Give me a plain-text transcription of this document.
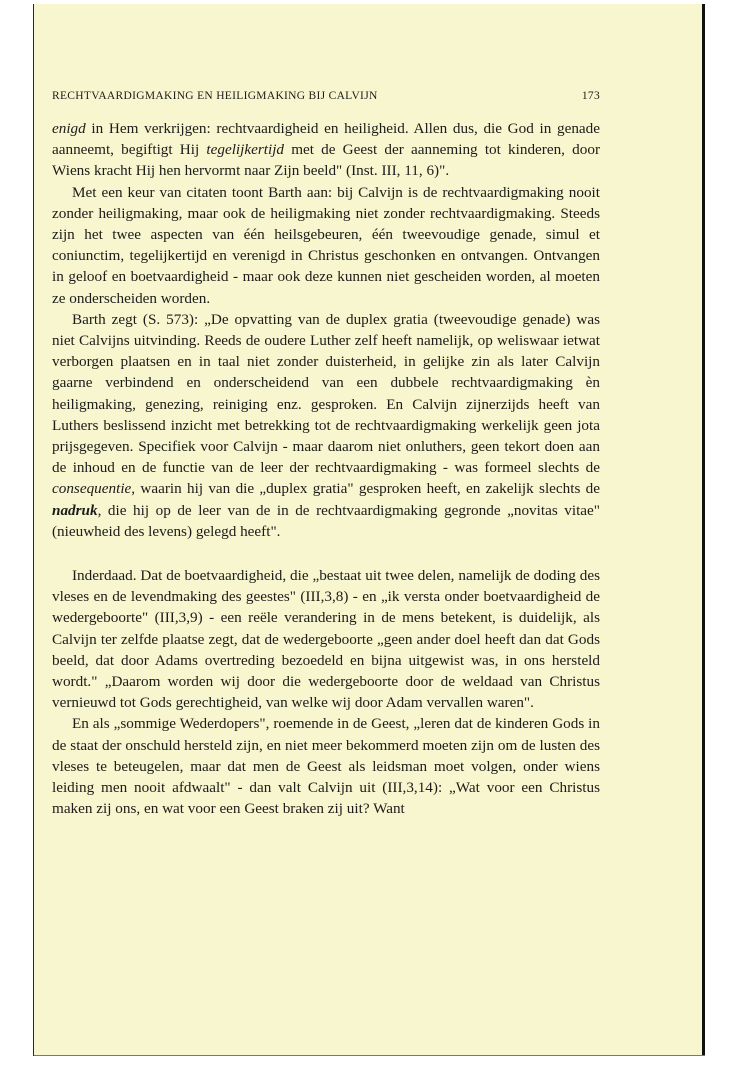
RECHTVAARDIGMAKING EN HEILIGMAKING BIJ CALVIJN	173

enigd in Hem verkrijgen: rechtvaardigheid en heiligheid. Allen dus, die God in genade aanneemt, begiftigt Hij tegelijkertijd met de Geest der aanneming tot kinderen, door Wiens kracht Hij hen hervormt naar Zijn beeld" (Inst. III, 11, 6)".

Met een keur van citaten toont Barth aan: bij Calvijn is de rechtvaardigmaking nooit zonder heiligmaking, maar ook de heiligmaking niet zonder rechtvaardigmaking. Steeds zijn het twee aspecten van één heilsgebeuren, één tweevoudige genade, simul et coniunctim, tegelijkertijd en verenigd in Christus geschonken en ontvangen. Ontvangen in geloof en boetvaardigheid - maar ook deze kunnen niet gescheiden worden, al moeten ze onderscheiden worden.

Barth zegt (S. 573): „De opvatting van de duplex gratia (tweevoudige genade) was niet Calvijns uitvinding. Reeds de oudere Luther zelf heeft namelijk, op weliswaar ietwat verborgen plaatsen en in taal niet zonder duisterheid, in gelijke zin als later Calvijn gaarne verbindend en onderscheidend van een dubbele rechtvaardigmaking èn heiligmaking, genezing, reiniging enz. gesproken. En Calvijn zijnerzijds heeft van Luthers beslissend inzicht met betrekking tot de rechtvaardigmaking werkelijk geen jota prijsgegeven. Specifiek voor Calvijn - maar daarom niet onluthers, geen tekort doen aan de inhoud en de functie van de leer der rechtvaardigmaking - was formeel slechts de consequentie, waarin hij van die „duplex gratia" gesproken heeft, en zakelijk slechts de nadruk, die hij op de leer van de in de rechtvaardigmaking gegronde „novitas vitae" (nieuwheid des levens) gelegd heeft".

Inderdaad. Dat de boetvaardigheid, die „bestaat uit twee delen, namelijk de doding des vleses en de levendmaking des geestes" (III,3,8) - en „ik versta onder boetvaardigheid de wedergeboorte" (III,3,9) - een reële verandering in de mens betekent, is duidelijk, als Calvijn ter zelfde plaatse zegt, dat de wedergeboorte „geen ander doel heeft dan dat Gods beeld, dat door Adams overtreding bezoedeld en bijna uitgewist was, in ons hersteld wordt." „Daarom worden wij door die wedergeboorte door de weldaad van Christus vernieuwd tot Gods gerechtigheid, van welke wij door Adam vervallen waren".

En als „sommige Wederdopers", roemende in de Geest, „leren dat de kinderen Gods in de staat der onschuld hersteld zijn, en niet meer bekommerd moeten zijn om de lusten des vleses te beteugelen, maar dat men de Geest als leidsman moet volgen, onder wiens leiding men nooit afdwaalt" - dan valt Calvijn uit (III,3,14): „Wat voor een Christus maken zij ons, en wat voor een Geest braken zij uit? Want
